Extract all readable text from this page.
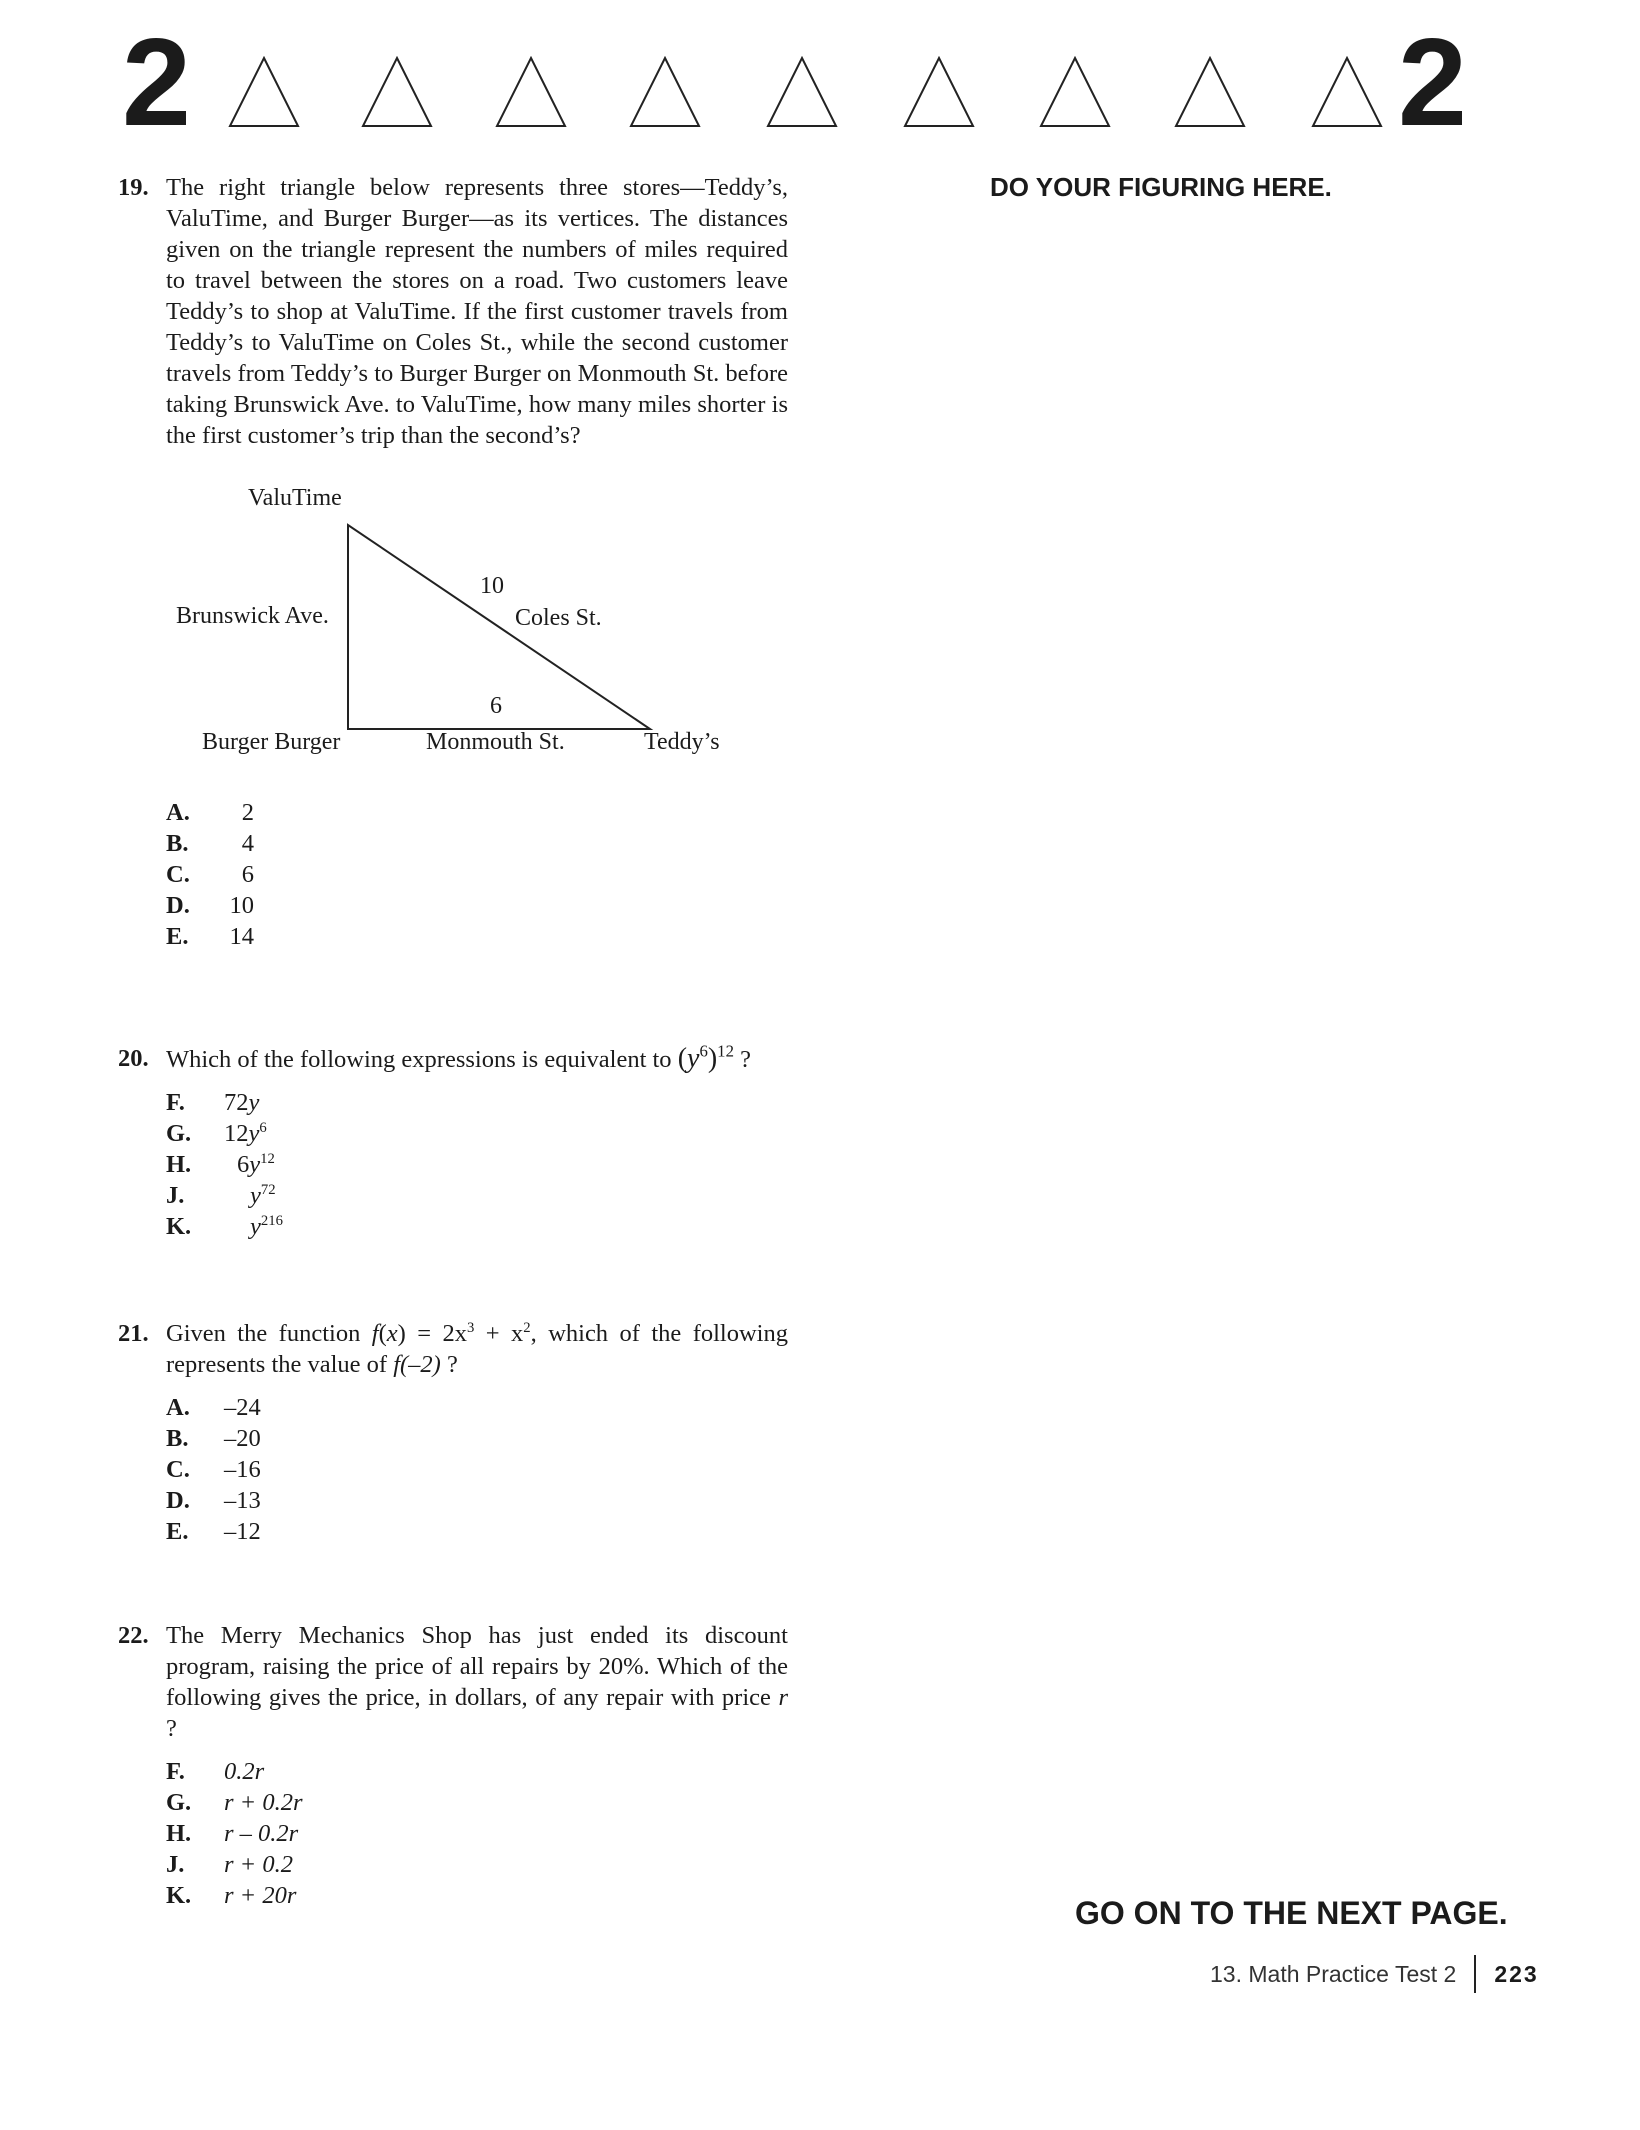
2	2
DO YOUR FIGURING HERE.
19. The right triangle below represents three stores—Teddy’s, ValuTime, and Burger Burger—as its vertices. The distances given on the triangle represent the numbers of miles required to travel between the stores on a road. Two customers leave Teddy’s to shop at ValuTime. If the first customer travels from Teddy’s to ValuTime on Coles St., while the second customer travels from Teddy’s to Burger Burger on Monmouth St. before taking Brunswick Ave. to ValuTime, how many miles shorter is the first customer’s trip than the second’s?
ValuTime
Brunswick Ave.
10
Coles St.
6
Burger Burger	Monmouth St.	Teddy’s
A.	2
B.	4
C.	6
D.	10
E.	14
20. Which of the following expressions is equivalent to $(y^6)^{12}$ ?
F.	72y
G.	$12y^6$
H.	$6y^{12}$
J.	$y^{72}$
K.	$y^{216}$
21. Given the function $f(x) = 2x^3 + x^2$, which of the following represents the value of f(–2) ?
A.	–24
B.	–20
C.	–16
D.	–13
E.	–12
22. The Merry Mechanics Shop has just ended its discount program, raising the price of all repairs by 20%. Which of the following gives the price, in dollars, of any repair with price r ?
F.	0.2r
G.	r + 0.2r
H.	r – 0.2r
J.	r + 0.2
K.	r + 20r	GO ON TO THE NEXT PAGE.
13. Math Practice Test 2 223
